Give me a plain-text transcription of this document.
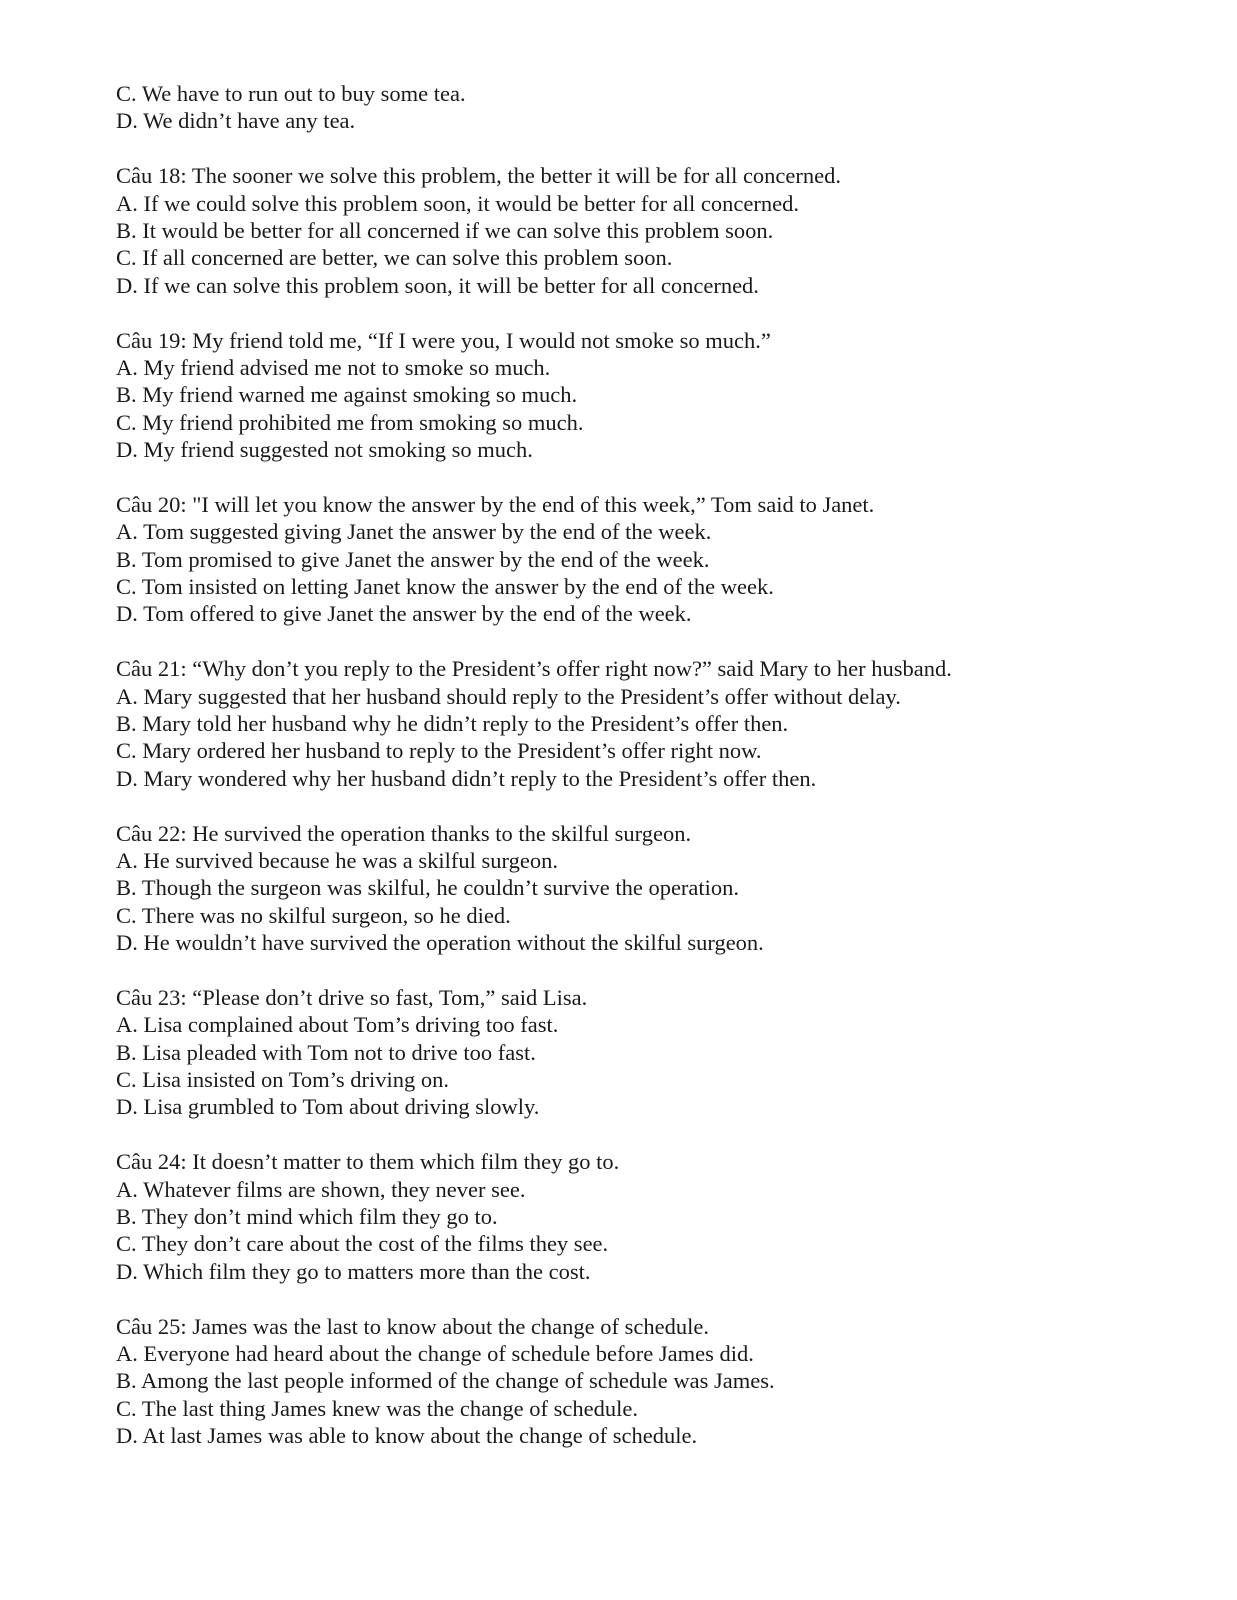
C. We have to run out to buy some tea.
D. We didn’t have any tea.
Câu 18: The sooner we solve this problem, the better it will be for all concerned.
A. If we could solve this problem soon, it would be better for all concerned.
B. It would be better for all concerned if we can solve this problem soon.
C. If all concerned are better, we can solve this problem soon.
D. If we can solve this problem soon, it will be better for all concerned.
Câu 19: My friend told me, “If I were you, I would not smoke so much.”
A. My friend advised me not to smoke so much.
B. My friend warned me against smoking so much.
C. My friend prohibited me from smoking so much.
D. My friend suggested not smoking so much.
Câu 20: "I will let you know the answer by the end of this week,” Tom said to Janet.
A. Tom suggested giving Janet the answer by the end of the week.
B. Tom promised to give Janet the answer by the end of the week.
C. Tom insisted on letting Janet know the answer by the end of the week.
D. Tom offered to give Janet the answer by the end of the week.
Câu 21: “Why don’t you reply to the President’s offer right now?” said Mary to her husband.
A. Mary suggested that her husband should reply to the President’s offer without delay.
B. Mary told her husband why he didn’t reply to the President’s offer then.
C. Mary ordered her husband to reply to the President’s offer right now.
D. Mary wondered why her husband didn’t reply to the President’s offer then.
Câu 22: He survived the operation thanks to the skilful surgeon.
A. He survived because he was a skilful surgeon.
B. Though the surgeon was skilful, he couldn’t survive the operation.
C. There was no skilful surgeon, so he died.
D. He wouldn’t have survived the operation without the skilful surgeon.
Câu 23: “Please don’t drive so fast, Tom,” said Lisa.
A. Lisa complained about Tom’s driving too fast.
B. Lisa pleaded with Tom not to drive too fast.
C. Lisa insisted on Tom’s driving on.
D. Lisa grumbled to Tom about driving slowly.
Câu 24: It doesn’t matter to them which film they go to.
A. Whatever films are shown, they never see.
B. They don’t mind which film they go to.
C. They don’t care about the cost of the films they see.
D. Which film they go to matters more than the cost.
Câu 25: James was the last to know about the change of schedule.
A. Everyone had heard about the change of schedule before James did.
B. Among the last people informed of the change of schedule was James.
C. The last thing James knew was the change of schedule.
D. At last James was able to know about the change of schedule.
